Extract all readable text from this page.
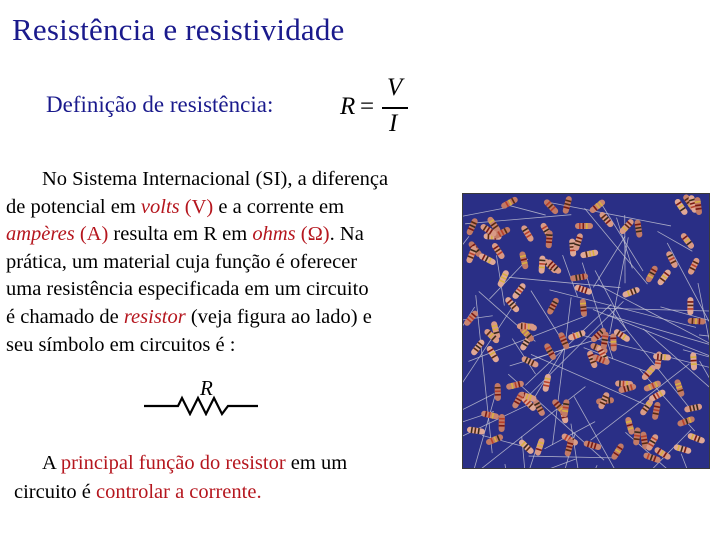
Resistência e resistividade
Definição de resistência:	R =
V
I
No Sistema Internacional (SI), a diferença
de potencial em volts (V) e a corrente em
ampères (A) resulta em R em ohms (Ω). Na
prática, um material cuja função é oferecer
uma resistência especificada em um circuito
é chamado de resistor (veja figura ao lado) e
seu símbolo em circuitos é :
R
A principal função do resistor em um
circuito é controlar a corrente.
